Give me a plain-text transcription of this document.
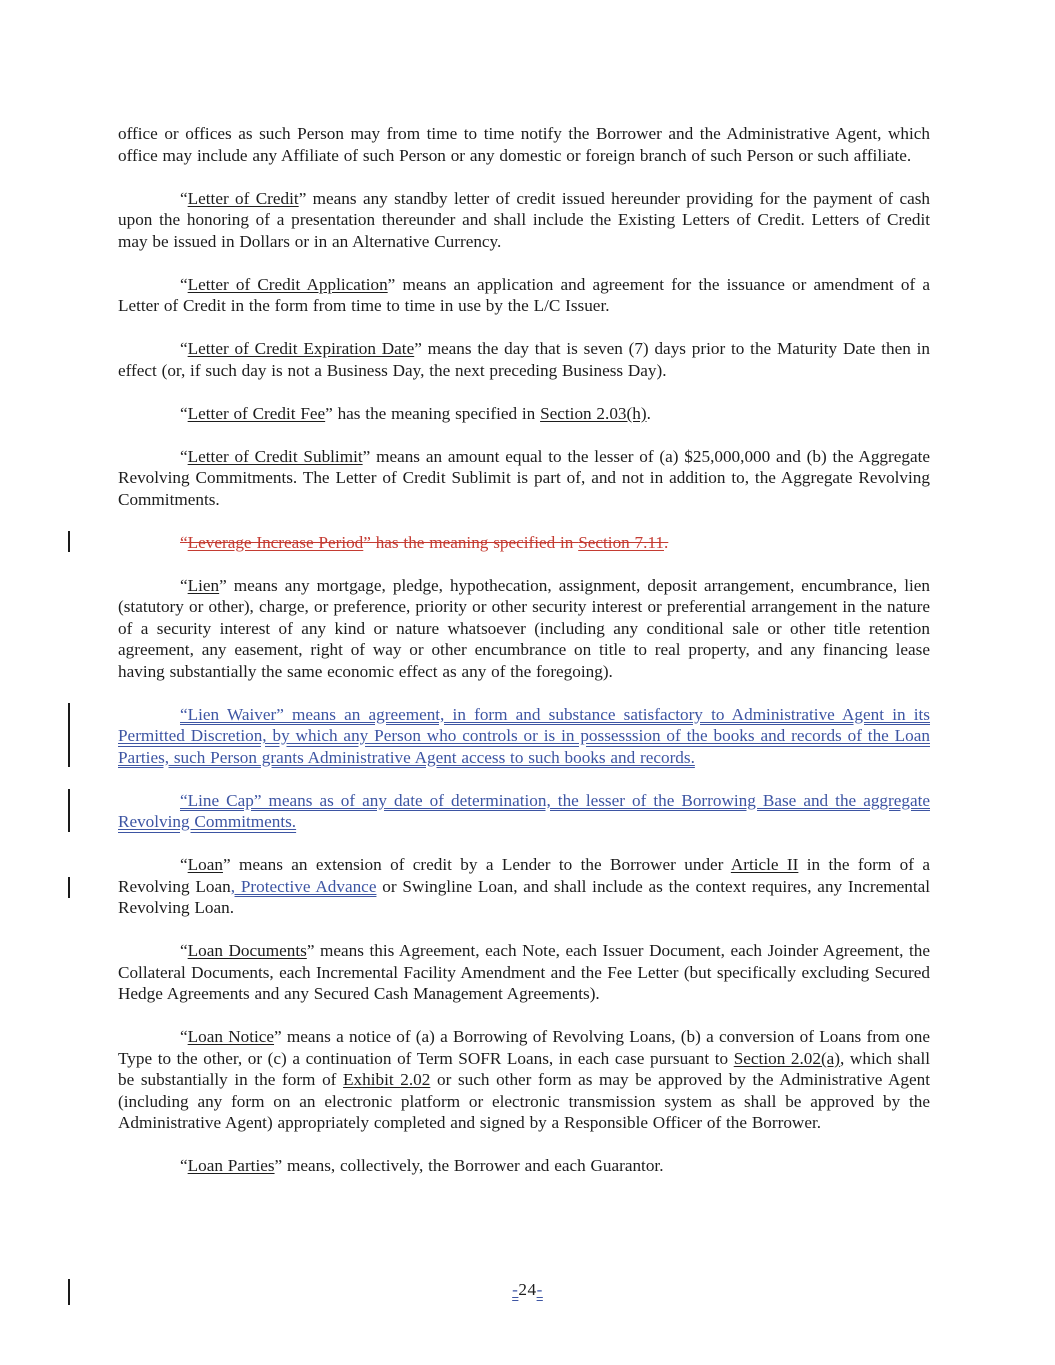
office or offices as such Person may from time to time notify the Borrower and the Administrative Agent, which office may include any Affiliate of such Person or any domestic or foreign branch of such Person or such affiliate.

“Letter of Credit” means any standby letter of credit issued hereunder providing for the payment of cash upon the honoring of a presentation thereunder and shall include the Existing Letters of Credit. Letters of Credit may be issued in Dollars or in an Alternative Currency.

“Letter of Credit Application” means an application and agreement for the issuance or amendment of a Letter of Credit in the form from time to time in use by the L/C Issuer.

“Letter of Credit Expiration Date” means the day that is seven (7) days prior to the Maturity Date then in effect (or, if such day is not a Business Day, the next preceding Business Day).

“Letter of Credit Fee” has the meaning specified in Section 2.03(h).

“Letter of Credit Sublimit” means an amount equal to the lesser of (a) $25,000,000 and (b) the Aggregate Revolving Commitments. The Letter of Credit Sublimit is part of, and not in addition to, the Aggregate Revolving Commitments.

“Leverage Increase Period” has the meaning specified in Section 7.11.

“Lien” means any mortgage, pledge, hypothecation, assignment, deposit arrangement, encumbrance, lien (statutory or other), charge, or preference, priority or other security interest or preferential arrangement in the nature of a security interest of any kind or nature whatsoever (including any conditional sale or other title retention agreement, any easement, right of way or other encumbrance on title to real property, and any financing lease having substantially the same economic effect as any of the foregoing).

“Lien Waiver” means an agreement, in form and substance satisfactory to Administrative Agent in its Permitted Discretion, by which any Person who controls or is in possesssion of the books and records of the Loan Parties, such Person grants Administrative Agent access to such books and records.

“Line Cap” means as of any date of determination, the lesser of the Borrowing Base and the aggregate Revolving Commitments.

“Loan” means an extension of credit by a Lender to the Borrower under Article II in the form of a Revolving Loan, Protective Advance or Swingline Loan, and shall include as the context requires, any Incremental Revolving Loan.

“Loan Documents” means this Agreement, each Note, each Issuer Document, each Joinder Agreement, the Collateral Documents, each Incremental Facility Amendment and the Fee Letter (but specifically excluding Secured Hedge Agreements and any Secured Cash Management Agreements).

“Loan Notice” means a notice of (a) a Borrowing of Revolving Loans, (b) a conversion of Loans from one Type to the other, or (c) a continuation of Term SOFR Loans, in each case pursuant to Section 2.02(a), which shall be substantially in the form of Exhibit 2.02 or such other form as may be approved by the Administrative Agent (including any form on an electronic platform or electronic transmission system as shall be approved by the Administrative Agent) appropriately completed and signed by a Responsible Officer of the Borrower.

“Loan Parties” means, collectively, the Borrower and each Guarantor.

-24-
